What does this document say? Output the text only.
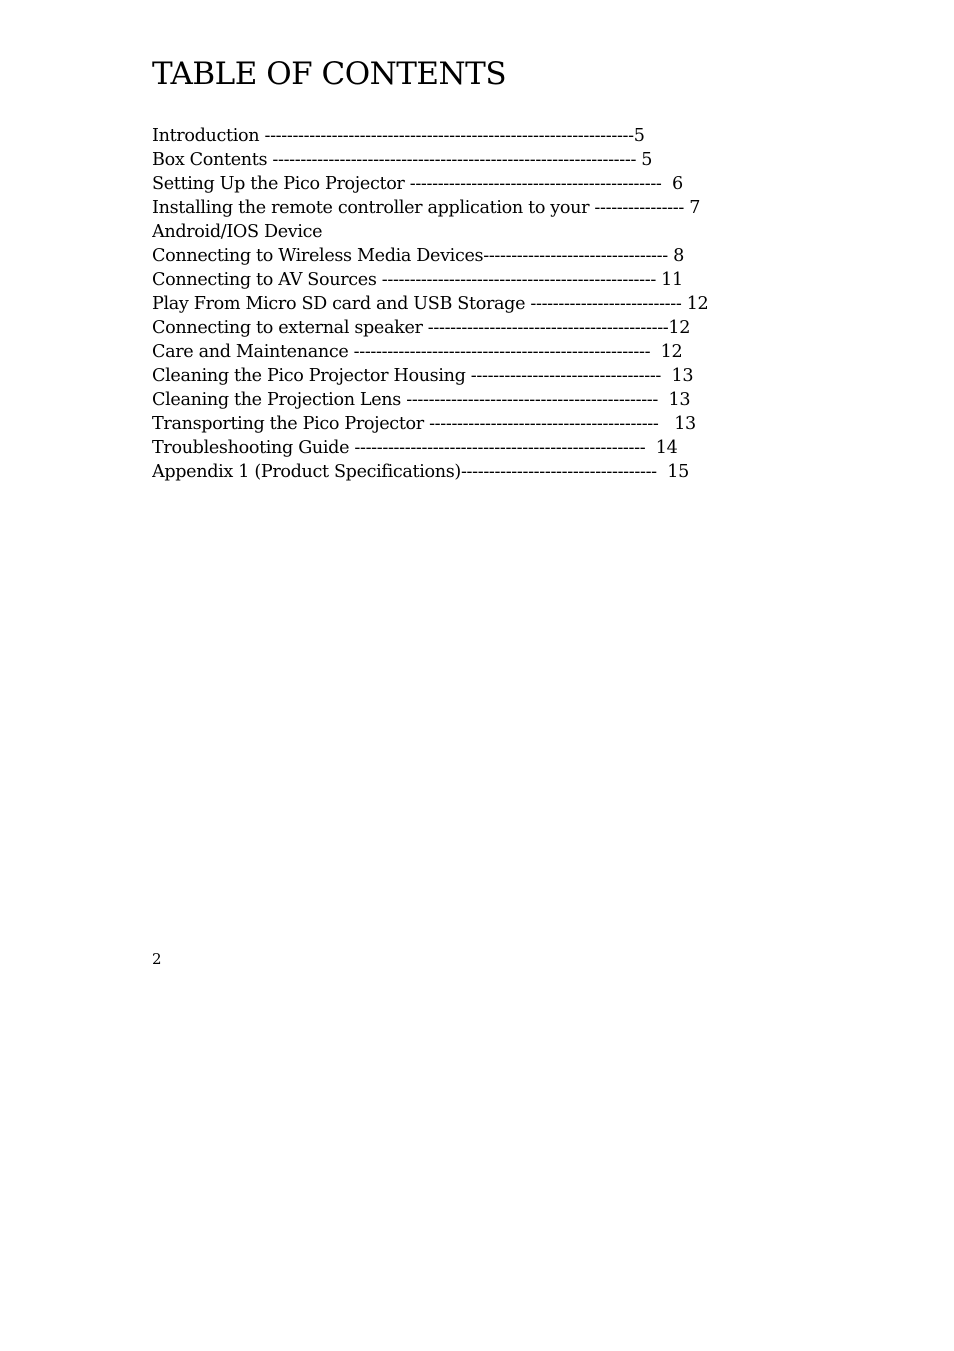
TABLE OF CONTENTS
Introduction ------------------------------------------------------------------5
Box Contents ----------------------------------------------------------------- 5
Setting Up the Pico Projector ---------------------------------------------  6
Installing the remote controller application to your ---------------- 7
Android/IOS Device
Connecting to Wireless Media Devices--------------------------------- 8
Connecting to AV Sources ------------------------------------------------- 11
Play From Micro SD card and USB Storage --------------------------- 12
Connecting to external speaker -------------------------------------------12
Care and Maintenance -----------------------------------------------------  12
Cleaning the Pico Projector Housing ----------------------------------  13
Cleaning the Projection Lens ---------------------------------------------  13
Transporting the Pico Projector -----------------------------------------   13
Troubleshooting Guide ----------------------------------------------------  14
Appendix 1 (Product Specifications)-----------------------------------  15
2
